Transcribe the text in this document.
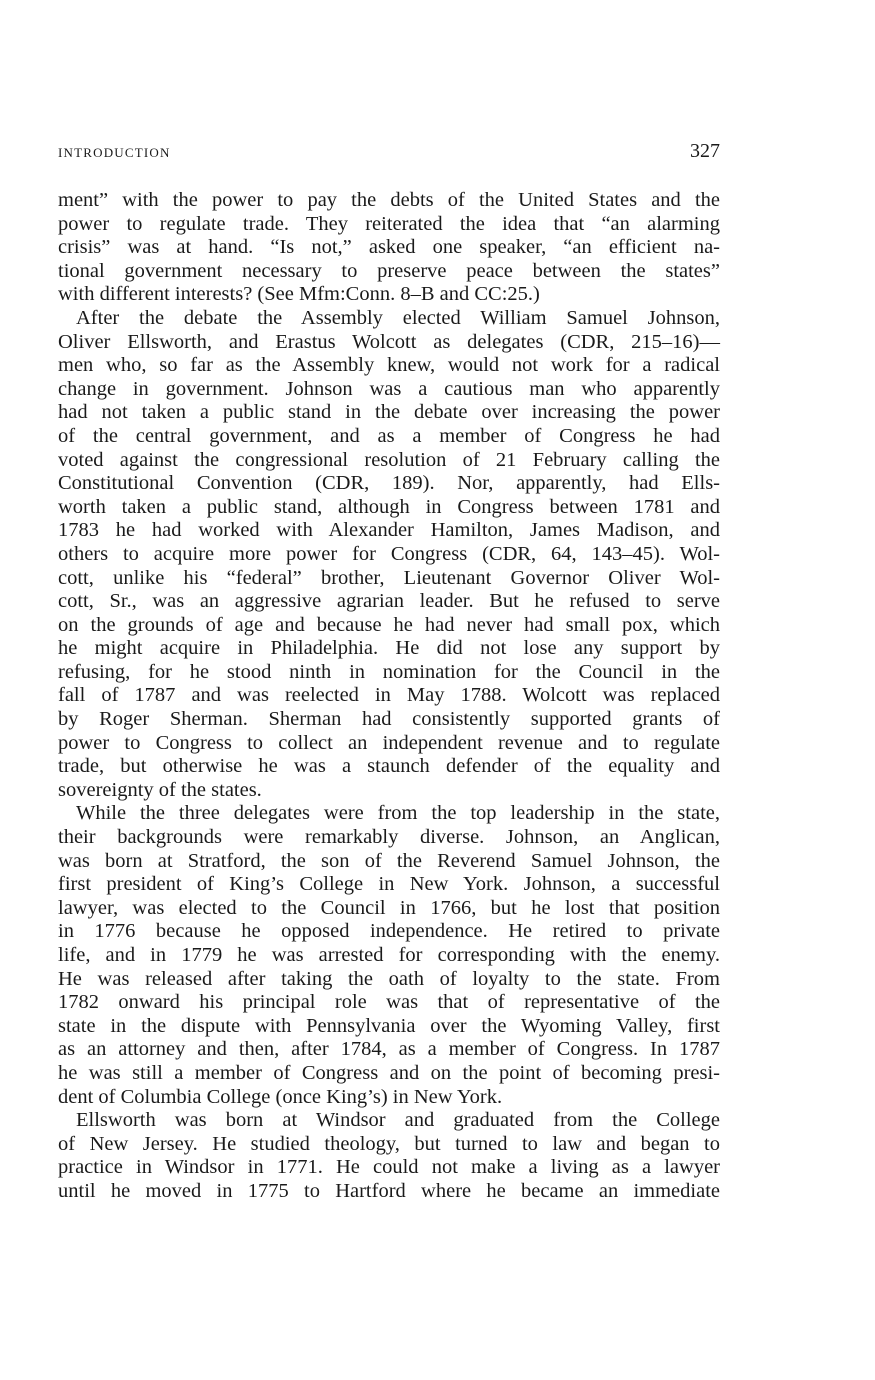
INTRODUCTION	327
ment” with the power to pay the debts of the United States and the
power to regulate trade. They reiterated the idea that “an alarming
crisis” was at hand. “Is not,” asked one speaker, “an efficient na-
tional government necessary to preserve peace between the states”
with different interests? (See Mfm:Conn. 8–B and CC:25.)
After the debate the Assembly elected William Samuel Johnson,
Oliver Ellsworth, and Erastus Wolcott as delegates (CDR, 215–16)—
men who, so far as the Assembly knew, would not work for a radical
change in government. Johnson was a cautious man who apparently
had not taken a public stand in the debate over increasing the power
of the central government, and as a member of Congress he had
voted against the congressional resolution of 21 February calling the
Constitutional Convention (CDR, 189). Nor, apparently, had Ells-
worth taken a public stand, although in Congress between 1781 and
1783 he had worked with Alexander Hamilton, James Madison, and
others to acquire more power for Congress (CDR, 64, 143–45). Wol-
cott, unlike his “federal” brother, Lieutenant Governor Oliver Wol-
cott, Sr., was an aggressive agrarian leader. But he refused to serve
on the grounds of age and because he had never had small pox, which
he might acquire in Philadelphia. He did not lose any support by
refusing, for he stood ninth in nomination for the Council in the
fall of 1787 and was reelected in May 1788. Wolcott was replaced
by Roger Sherman. Sherman had consistently supported grants of
power to Congress to collect an independent revenue and to regulate
trade, but otherwise he was a staunch defender of the equality and
sovereignty of the states.
While the three delegates were from the top leadership in the state,
their backgrounds were remarkably diverse. Johnson, an Anglican,
was born at Stratford, the son of the Reverend Samuel Johnson, the
first president of King’s College in New York. Johnson, a successful
lawyer, was elected to the Council in 1766, but he lost that position
in 1776 because he opposed independence. He retired to private
life, and in 1779 he was arrested for corresponding with the enemy.
He was released after taking the oath of loyalty to the state. From
1782 onward his principal role was that of representative of the
state in the dispute with Pennsylvania over the Wyoming Valley, first
as an attorney and then, after 1784, as a member of Congress. In 1787
he was still a member of Congress and on the point of becoming presi-
dent of Columbia College (once King’s) in New York.
Ellsworth was born at Windsor and graduated from the College
of New Jersey. He studied theology, but turned to law and began to
practice in Windsor in 1771. He could not make a living as a lawyer
until he moved in 1775 to Hartford where he became an immediate
